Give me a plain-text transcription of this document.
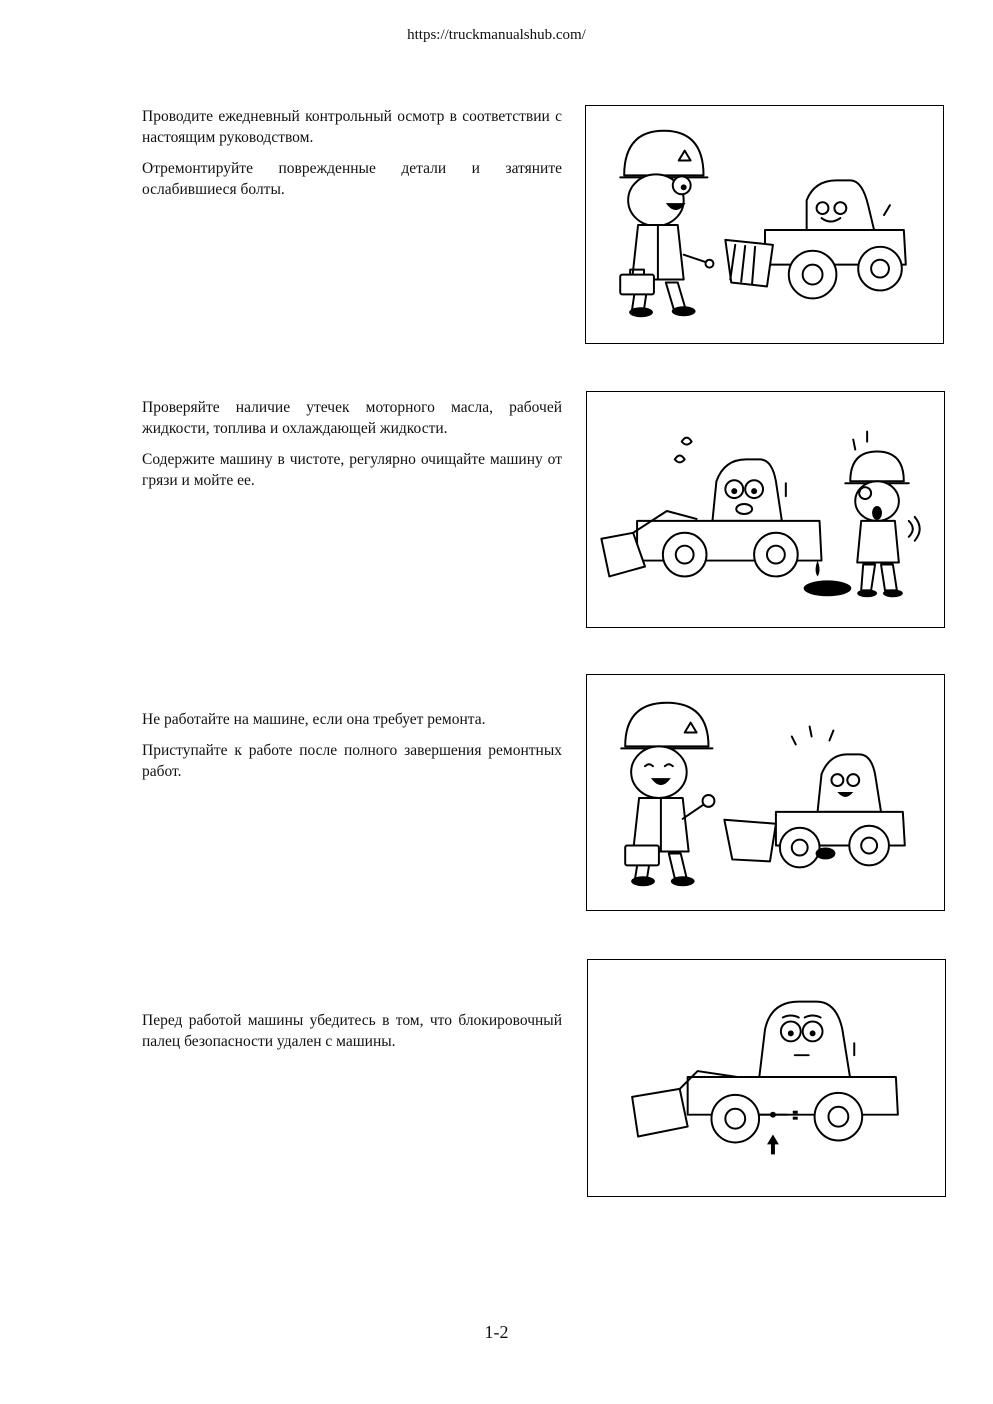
https://truckmanualshub.com/

Проводите ежедневный контрольный осмотр в соответствии с настоящим руководством.

Отремонтируйте поврежденные детали и затяните ослабившиеся болты.

Проверяйте наличие утечек моторного масла, рабочей жидкости, топлива и охлаждающей жидкости.

Содержите машину в чистоте, регулярно очищайте машину от грязи и мойте ее.

Не работайте на машине, если она требует ремонта.

Приступайте к работе после полного завершения ремонтных работ.

Перед работой машины убедитесь в том, что блокировочный палец безопасности удален с машины.

1-2
